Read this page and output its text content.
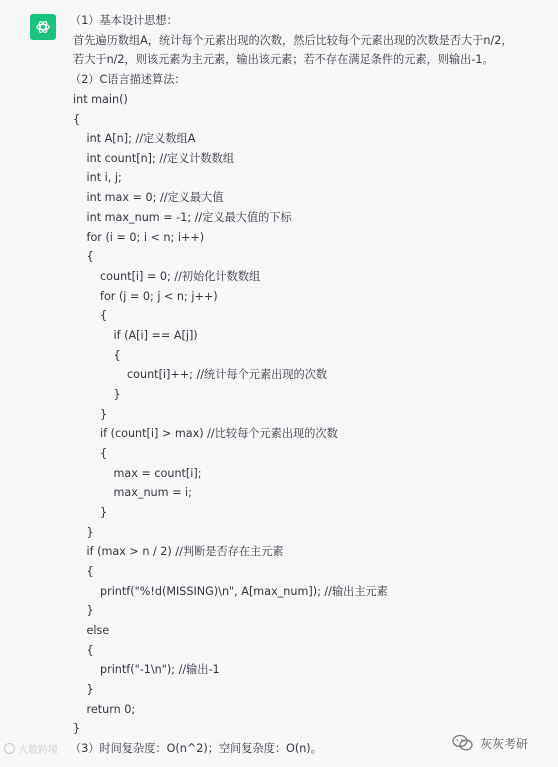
（1）基本设计思想：
首先遍历数组A，统计每个元素出现的次数，然后比较每个元素出现的次数是否大于n/2，
若大于n/2，则该元素为主元素，输出该元素；若不存在满足条件的元素，则输出-1。
（2）C语言描述算法：
int main()
{
int A[n]; //定义数组A
int count[n]; //定义计数数组
int i, j;
int max = 0; //定义最大值
int max_num = -1; //定义最大值的下标
for (i = 0; i < n; i++)
{
count[i] = 0; //初始化计数数组
for (j = 0; j < n; j++)
{
if (A[i] == A[j])
{
count[i]++; //统计每个元素出现的次数
}
}
if (count[i] > max) //比较每个元素出现的次数
{
max = count[i];
max_num = i;
}
}
if (max > n / 2) //判断是否存在主元素
{
printf("%!d(MISSING)\n", A[max_num]); //输出主元素
}
else
{
printf("-1\n"); //输出-1
}
return 0;
}
（3）时间复杂度：O(n^2)；空间复杂度：O(n)。
大数跨境	灰灰考研
